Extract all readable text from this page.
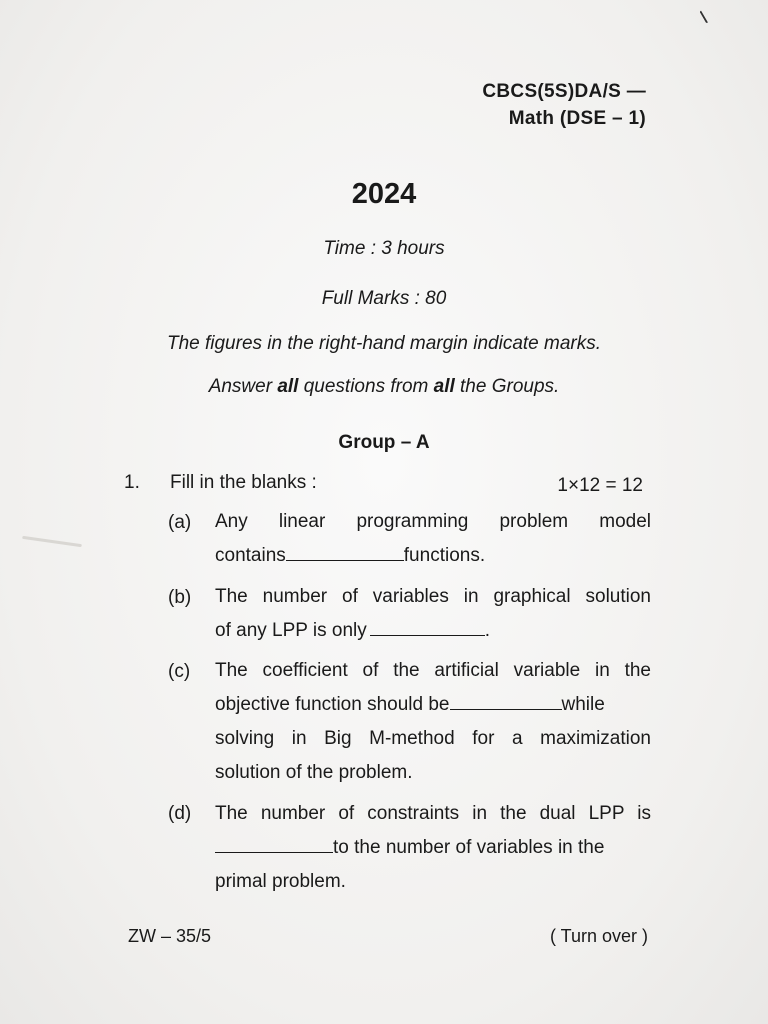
CBCS(5S)DA/S —
Math (DSE – 1)
2024
Time : 3 hours
Full Marks : 80
The figures in the right-hand margin indicate marks.
Answer all questions from all the Groups.
Group – A
1. Fill in the blanks :	1×12 = 12
(a) Any linear programming problem model
contains	functions.
(b) The number of variables in graphical solution
of any LPP is only	.
(c) The coefficient of the artificial variable in the
objective function should be	while
solving in Big M-method for a maximization
solution of the problem.
(d) The number of constraints in the dual LPP is
to the number of variables in the
primal problem.
ZW – 35/5	( Turn over )
